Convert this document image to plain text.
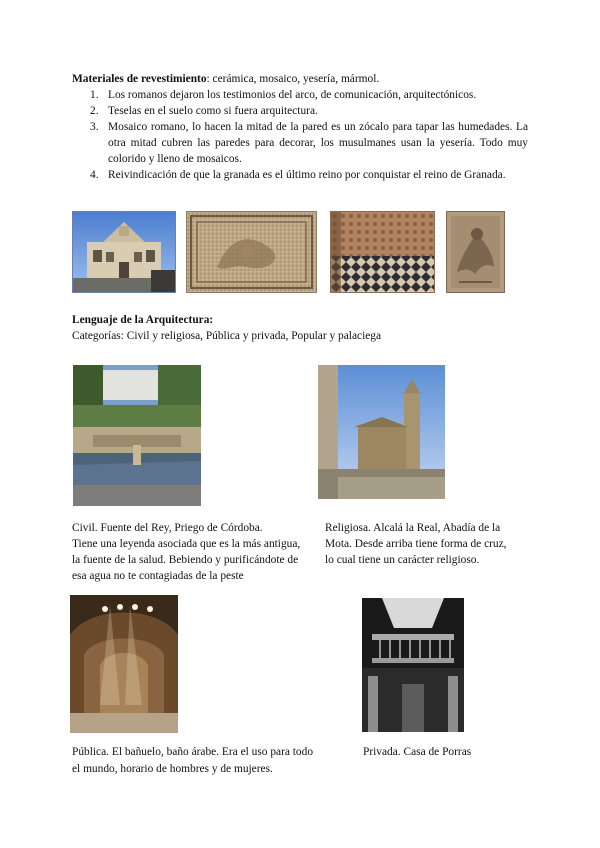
Materiales de revestimiento: cerámica, mosaico, yesería, mármol.
1. Los romanos dejaron los testimonios del arco, de comunicación, arquitectónicos.
2. Teselas en el suelo como si fuera arquitectura.
3. Mosaico romano, lo hacen la mitad de la pared es un zócalo para tapar las humedades. La otra mitad cubren las paredes para decorar, los musulmanes usan la yesería. Todo muy colorido y lleno de mosaicos.
4. Reivindicación de que la granada es el último reino por conquistar el reino de Granada.
Lenguaje de la Arquitectura:
Categorías: Civil y religiosa, Pública y privada, Popular y palaciega
Civil. Fuente del Rey, Priego de Córdoba.
Tiene una leyenda asociada que es la más antigua,
la fuente de la salud. Bebiendo y purificándote de
esa agua no te contagiadas de la peste
Religiosa. Alcalá la Real, Abadía de la
Mota. Desde arriba tiene forma de cruz,
lo cual tiene un carácter religioso.
Pública. El bañuelo, baño árabe. Era el uso para todo
el mundo, horario de hombres y de mujeres.
Privada. Casa de Porras
